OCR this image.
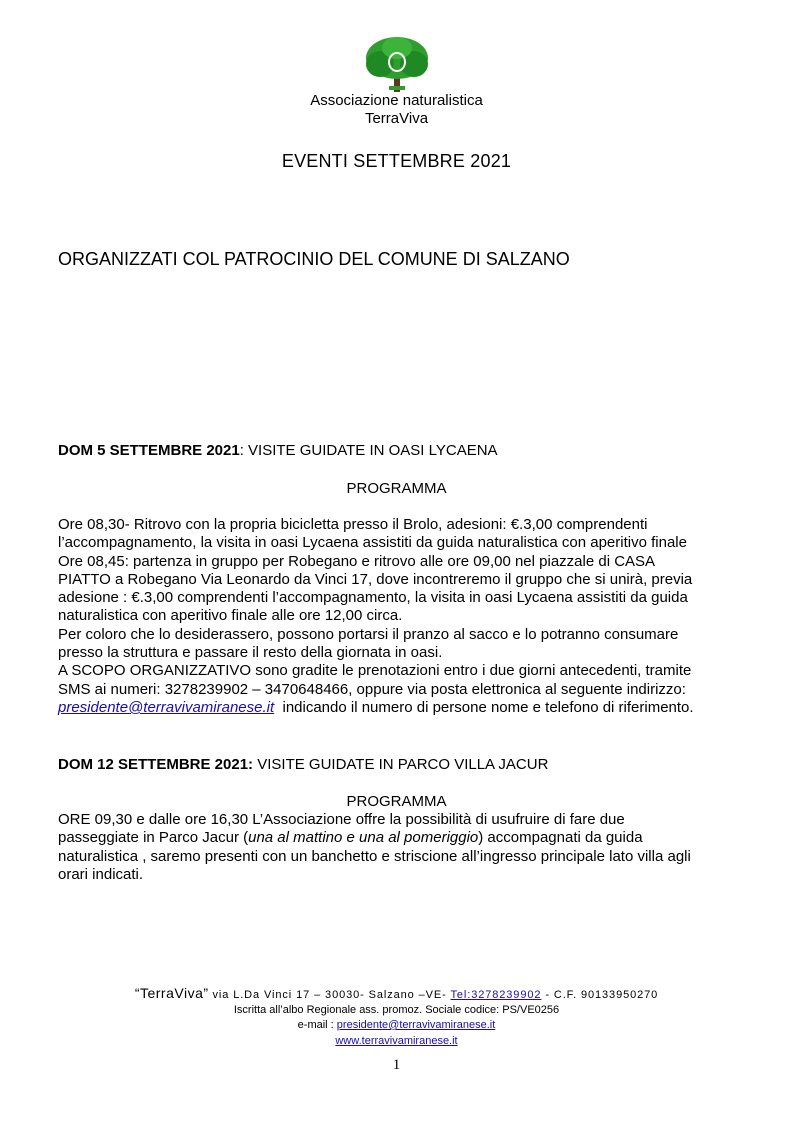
Associazione naturalistica
TerraViva
EVENTI SETTEMBRE 2021
ORGANIZZATI COL PATROCINIO DEL COMUNE DI SALZANO
DOM 5 SETTEMBRE 2021: VISITE GUIDATE IN OASI LYCAENA
PROGRAMMA
Ore 08,30- Ritrovo con la propria bicicletta presso il Brolo, adesioni: €.3,00 comprendenti
l’accompagnamento, la visita in oasi Lycaena assistiti da guida naturalistica con aperitivo finale
Ore 08,45: partenza in gruppo per Robegano e ritrovo alle ore 09,00 nel piazzale di CASA
PIATTO a Robegano Via Leonardo da Vinci 17, dove incontreremo il gruppo che si unirà, previa
adesione : €.3,00 comprendenti l’accompagnamento, la visita in oasi Lycaena assistiti da guida
naturalistica con aperitivo finale alle ore 12,00 circa.
Per coloro che lo desiderassero, possono portarsi il pranzo al sacco e lo potranno consumare
presso la struttura e passare il resto della giornata in oasi.
A SCOPO ORGANIZZATIVO sono gradite le prenotazioni entro i due giorni antecedenti, tramite
SMS ai numeri: 3278239902 – 3470648466, oppure via posta elettronica al seguente indirizzo:
presidente@terravivamiranese.it  indicando il numero di persone nome e telefono di riferimento.
DOM 12 SETTEMBRE 2021: VISITE GUIDATE IN PARCO VILLA JACUR
PROGRAMMA
ORE 09,30 e dalle ore 16,30 L’Associazione offre la possibilità di usufruire di fare due
passeggiate in Parco Jacur (una al mattino e una al pomeriggio) accompagnati da guida
naturalistica , saremo presenti con un banchetto e striscione all’ingresso principale lato villa agli
orari indicati.
“TerraViva” via L.Da Vinci 17 – 30030- Salzano –VE- Tel:3278239902 - C.F. 90133950270
Iscritta all’albo Regionale ass. promoz. Sociale codice: PS/VE0256
e-mail : presidente@terravivamiranese.it
www.terravivamiranese.it
1
